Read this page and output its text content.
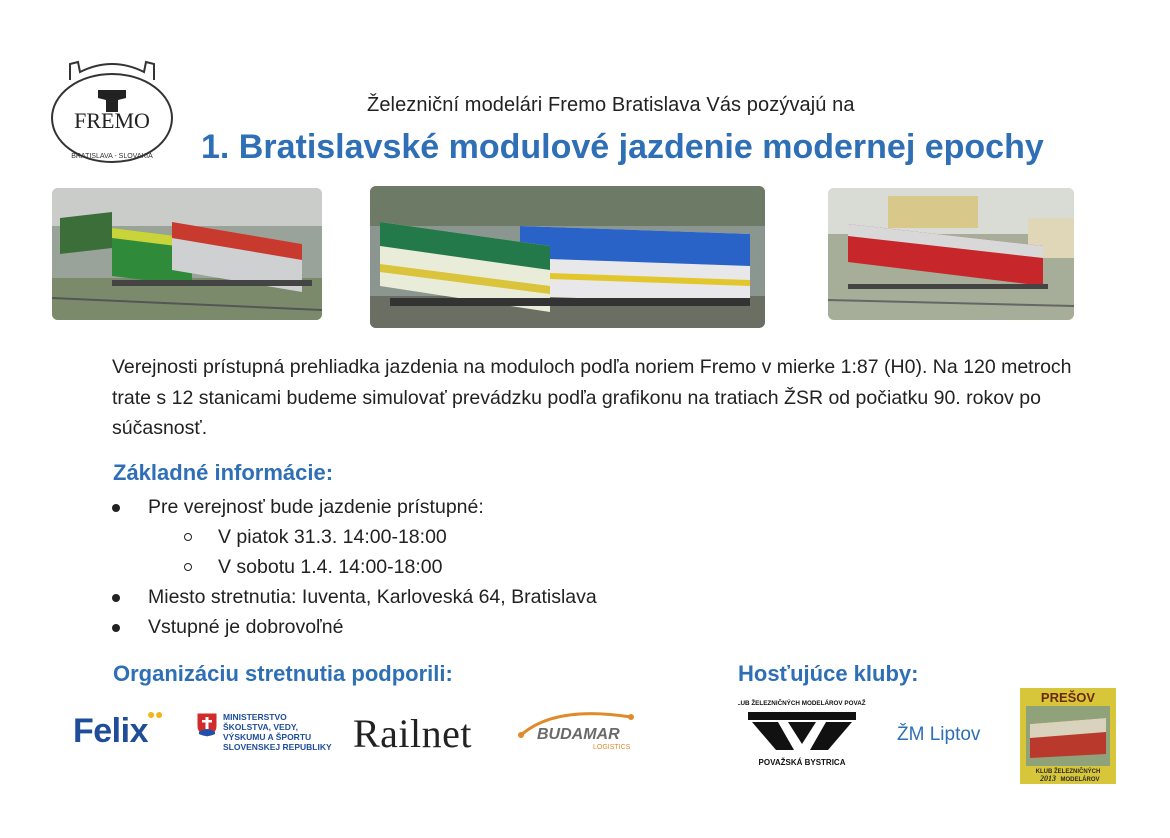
FREMO
BRATISLAVA - SLOVAKIA
Železniční modelári Fremo Bratislava Vás pozývajú na
1. Bratislavské modulové jazdenie modernej epochy
Verejnosti prístupná prehliadka jazdenia na moduloch podľa noriem Fremo v mierke 1:87 (H0). Na 120 metroch trate s 12 stanicami budeme simulovať prevádzku podľa grafikonu na tratiach ŽSR od počiatku 90. rokov po súčasnosť.
Základné informácie:
Pre verejnosť bude jazdenie prístupné:
V piatok 31.3. 14:00-18:00
V sobotu 1.4. 14:00-18:00
Miesto stretnutia: Iuventa, Karloveská 64, Bratislava
Vstupné je dobrovoľné
Organizáciu stretnutia podporili:	Hosťujúce kluby:
Felix ●●	MINISTERSTVO
ŠKOLSTVA, VEDY,
VÝSKUMU A ŠPORTU
SLOVENSKEJ REPUBLIKY Railnet	BUDAMAR
LOGISTICS
KLUB ŽELEZNIČNÝCH MODELÁROV POVAŽIA
POVAŽSKÁ BYSTRICA
ŽM Liptov
PREŠOV
KLUB ŽELEZNIČNÝCH
2013 MODELÁROV
